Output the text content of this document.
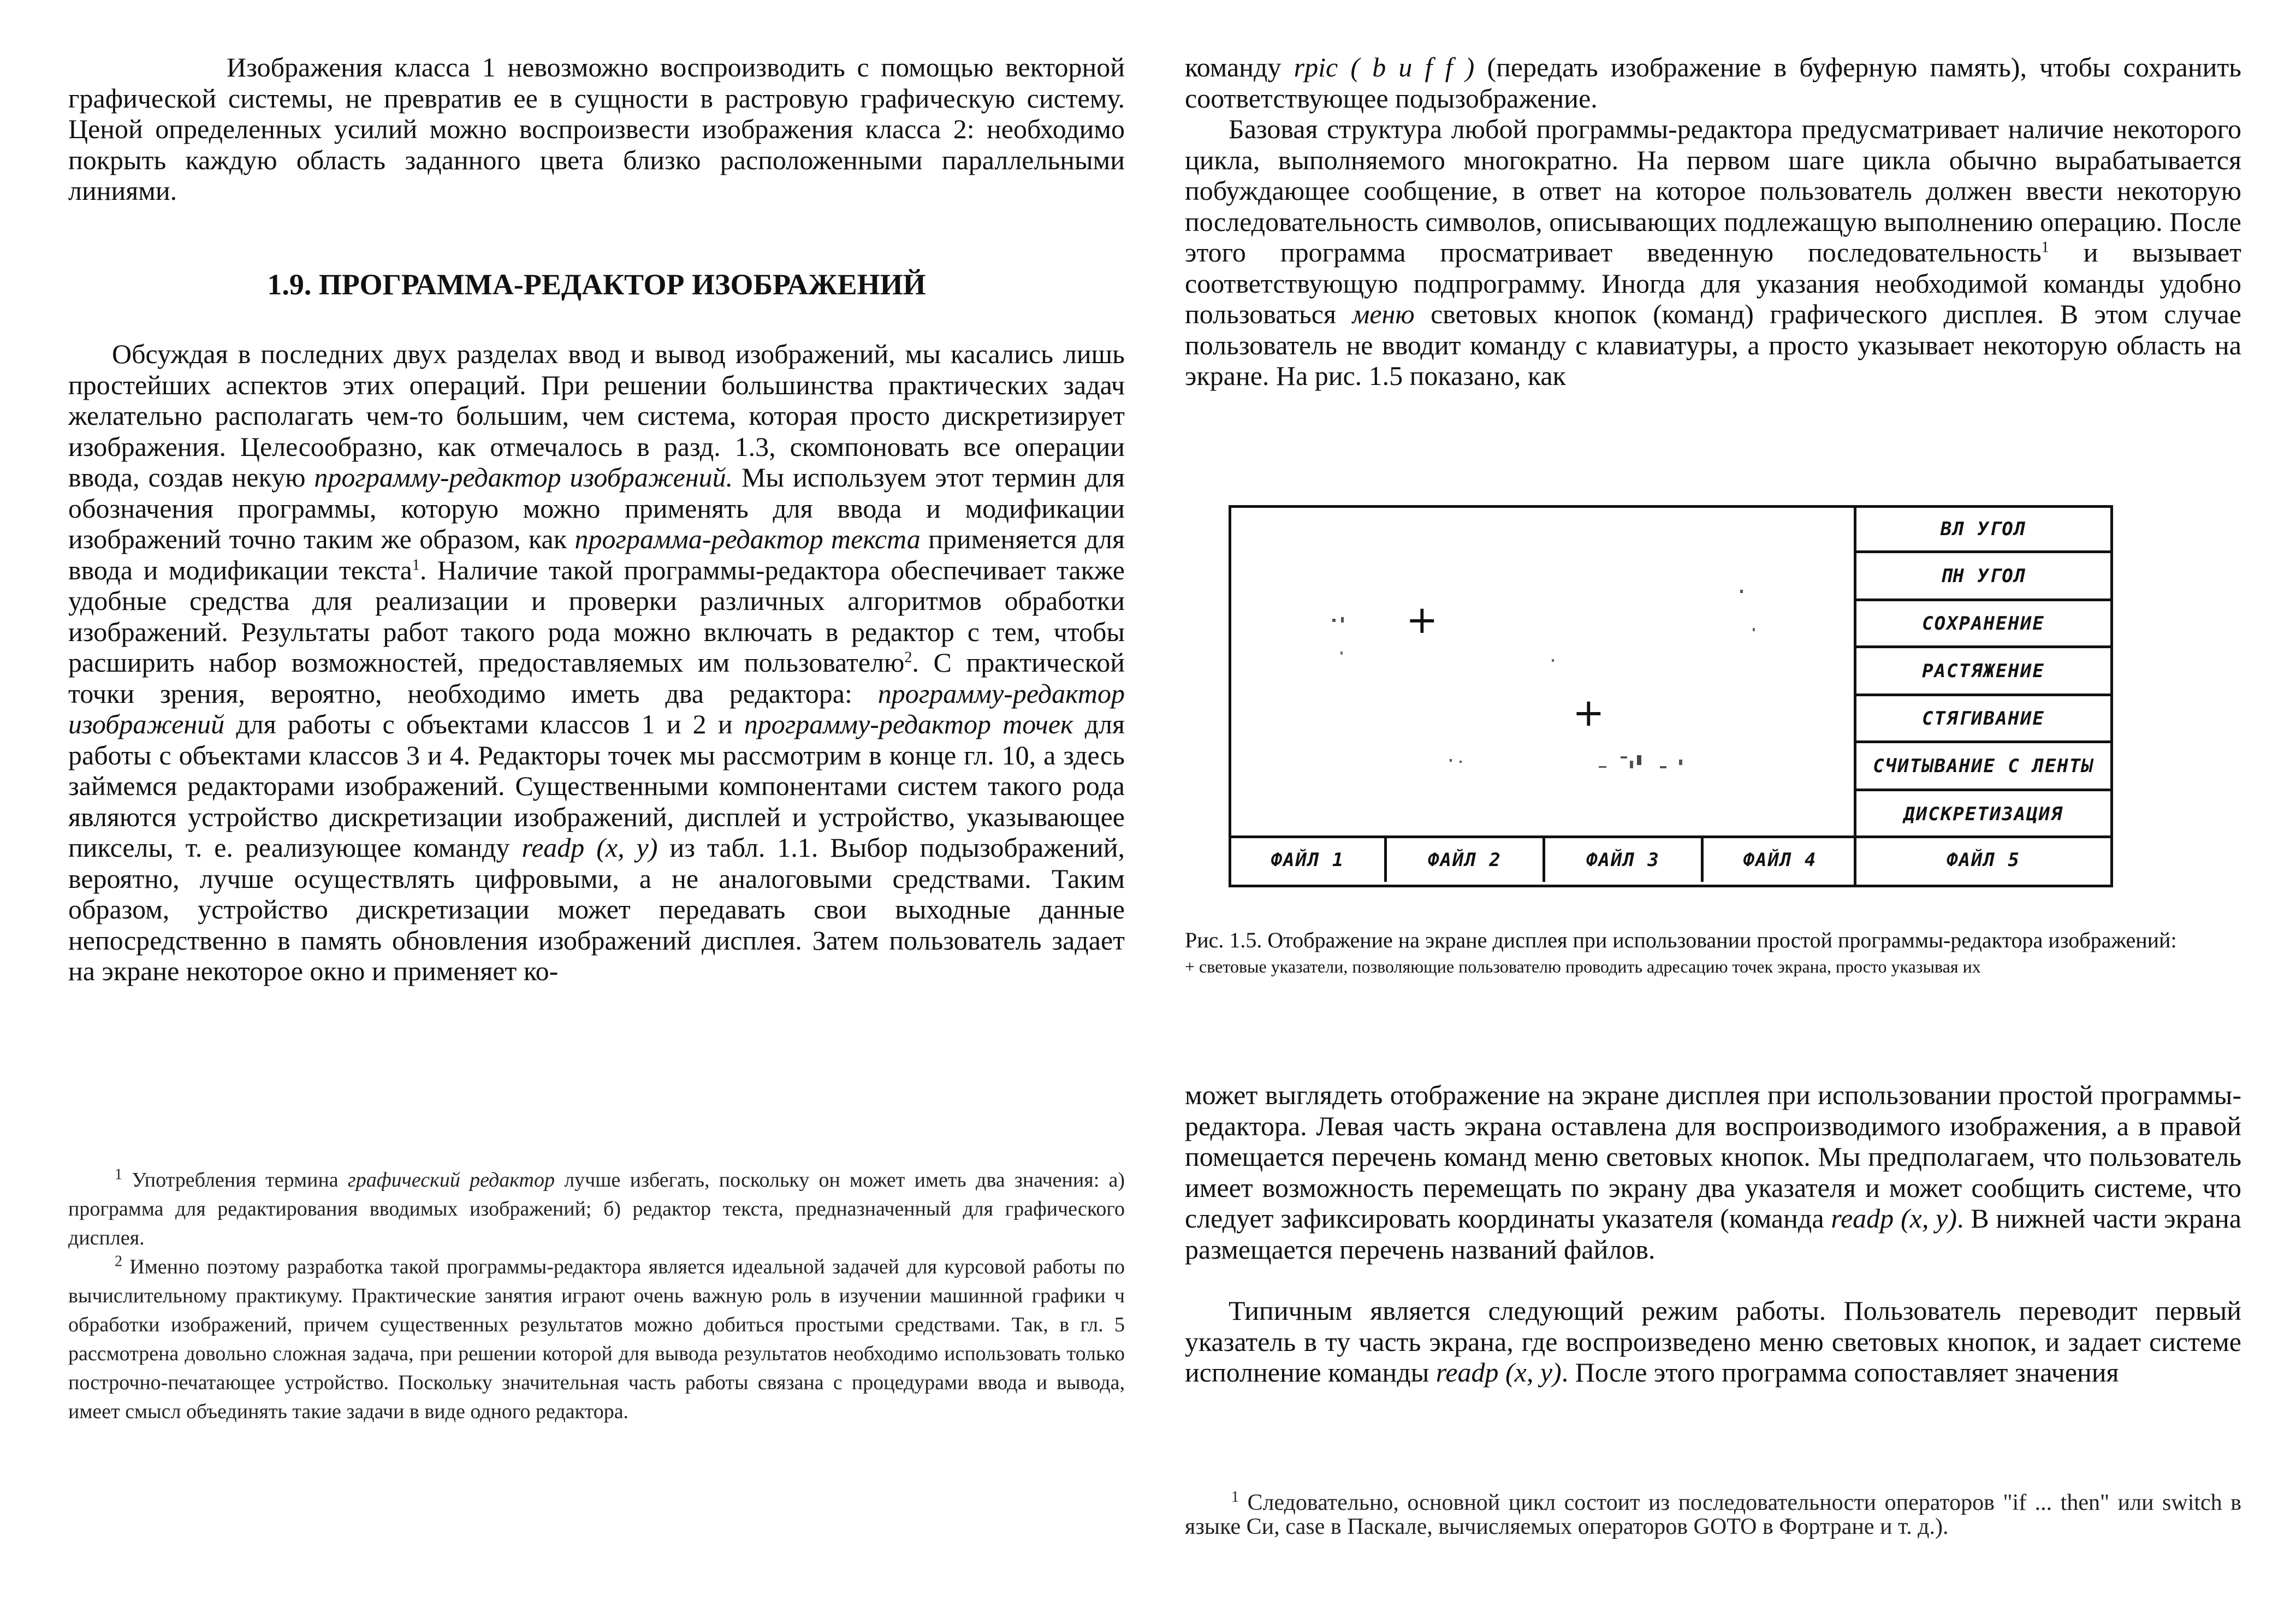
Изображения класса 1 невозможно воспроизводить с помощью векторной графической системы, не превратив ее в сущности в растровую графическую систему. Ценой определенных усилий можно воспроизвести изображения класса 2: необходимо покрыть каждую область заданного цвета близко расположенными параллельными линиями.

1.9. ПРОГРАММА-РЕДАКТОР ИЗОБРАЖЕНИЙ

Обсуждая в последних двух разделах ввод и вывод изображений, мы касались лишь простейших аспектов этих операций. При решении большинства практических задач желательно располагать чем-то большим, чем система, которая просто дискретизирует изображения. Целесообразно, как отмечалось в разд. 1.3, скомпоновать все операции ввода, создав некую программу-редактор изображений. Мы используем этот термин для обозначения программы, которую можно применять для ввода и модификации изображений точно таким же образом, как программа-редактор текста применяется для ввода и модификации текста$^1$. Наличие такой программы-редактора обеспечивает также удобные средства для реализации и проверки различных алгоритмов обработки изображений. Результаты работ такого рода можно включать в редактор с тем, чтобы расширить набор возможностей, предоставляемых им пользователю$^2$. С практической точки зрения, вероятно, необходимо иметь два редактора: программу-редактор изображений для работы с объектами классов 1 и 2 и программу-редактор точек для работы с объектами классов 3 и 4. Редакторы точек мы рассмотрим в конце гл. 10, а здесь займемся редакторами изображений. Существенными компонентами систем такого рода являются устройство дискретизации изображений, дисплей и устройство, указывающее пикселы, т. е. реализующее команду readp (x, y) из табл. 1.1. Выбор подызображений, вероятно, лучше осуществлять цифровыми, а не аналоговыми средствами. Таким образом, устройство дискретизации может передавать свои выходные данные непосредственно в память обновления изображений дисплея. Затем пользователь задает на экране некоторое окно и применяет ко-

$^1$ Употребления термина графический редактор лучше избегать, поскольку он может иметь два значения: а) программа для редактирования вводимых изображений; б) редактор текста, предназначенный для графического дисплея.

$^2$ Именно поэтому разработка такой программы-редактора является идеальной задачей для курсовой работы по вычислительному практикуму. Практические занятия играют очень важную роль в изучении машинной графики ч обработки изображений, причем существенных результатов можно добиться простыми средствами. Так, в гл. 5 рассмотрена довольно сложная задача, при решении которой для вывода результатов необходимо использовать только построчно-печатающее устройство. Поскольку значительная часть работы связана с процедурами ввода и вывода, имеет смысл объединять такие задачи в виде одного редактора.

команду rpic ( b u f f ) (передать изображение в буферную память), чтобы сохранить соответствующее подызображение.

Базовая структура любой программы-редактора предусматривает наличие некоторого цикла, выполняемого многократно. На первом шаге цикла обычно вырабатывается побуждающее сообщение, в ответ на которое пользователь должен ввести некоторую последовательность символов, описывающих подлежащую выполнению операцию. После этого программа просматривает введенную последовательность$^1$ и вызывает соответствующую подпрограмму. Иногда для указания необходимой команды удобно пользоваться меню световых кнопок (команд) графического дисплея. В этом случае пользователь не вводит команду с клавиатуры, а просто указывает некоторую область на экране. На рис. 1.5 показано, как

ВЛ УГОЛ
ПН УГОЛ
СОХРАНЕНИЕ
РАСТЯЖЕНИЕ
СТЯГИВАНИЕ
СЧИТЫВАНИЕ С ЛЕНТЫ
ДИСКРЕТИЗАЦИЯ
ФАЙЛ 1	ФАЙЛ 2	ФАЙЛ 3	ФАЙЛ 4	ФАЙЛ 5
+
+

Рис. 1.5. Отображение на экране дисплея при использовании простой программы-редактора изображений:

+ световые указатели, позволяющие пользователю проводить адресацию точек экрана, просто указывая их

может выглядеть отображение на экране дисплея при использовании простой программы-редактора. Левая часть экрана оставлена для воспроизводимого изображения, а в правой помещается перечень команд меню световых кнопок. Мы предполагаем, что пользователь имеет возможность перемещать по экрану два указателя и может сообщить системе, что следует зафиксировать координаты указателя (команда readp (x, y). В нижней части экрана размещается перечень названий файлов.

Типичным является следующий режим работы. Пользователь переводит первый указатель в ту часть экрана, где воспроизведено меню световых кнопок, и задает системе исполнение команды readp (x, y). После этого программа сопоставляет значения

$^1$ Следовательно, основной цикл состоит из последовательности операторов "if ... then" или switch в языке Си, case в Паскале, вычисляемых операторов GOTO в Фортране и т. д.).
